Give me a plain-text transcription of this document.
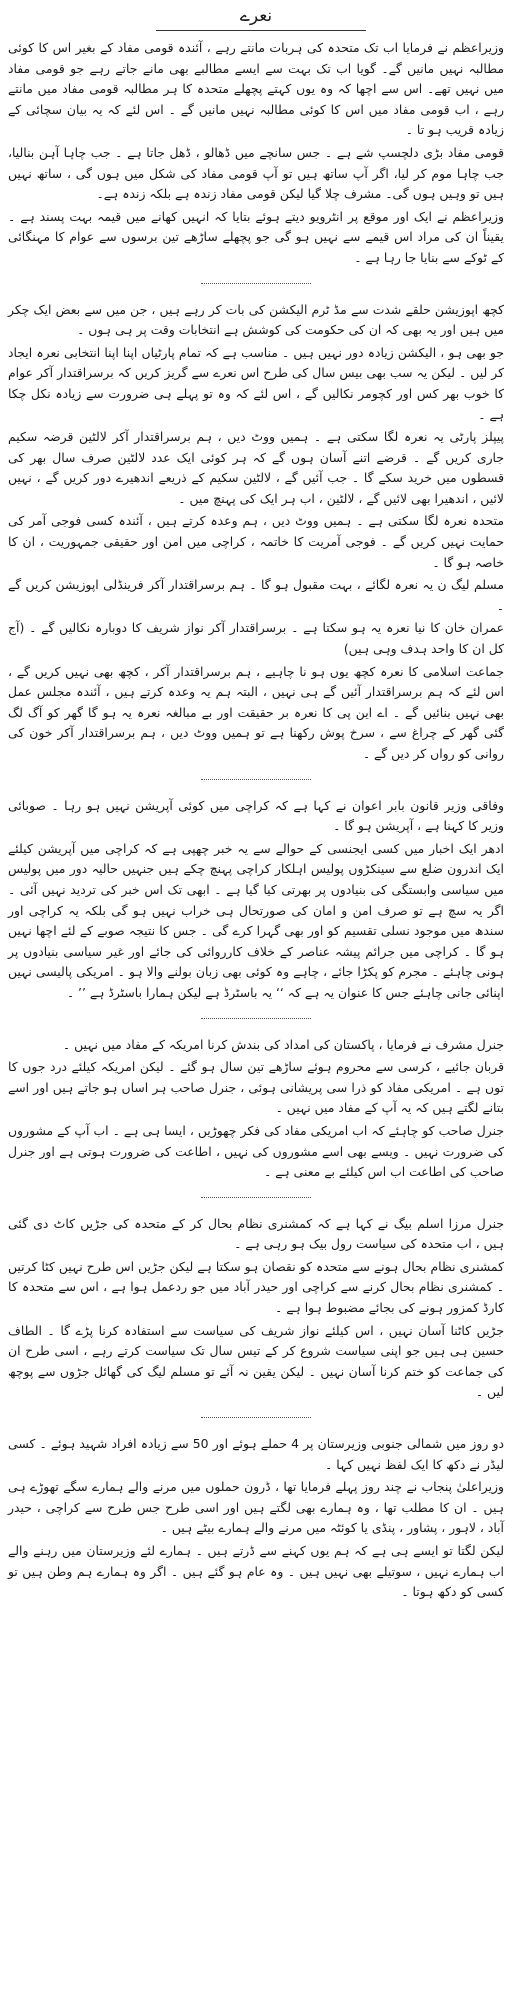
نعرے

وزیراعظم نے فرمایا اب تک متحدہ کی ہربات مانتے رہے ، آئندہ قومی مفاد کے بغیر اس کا کوئی مطالبہ نہیں مانیں گے۔ گویا اب تک بہت سے ایسے مطالبے بھی مانے جاتے رہے جو قومی مفاد میں نہیں تھے۔ اس سے اچھا کہ وہ یوں کہتے پچھلے متحدہ کا ہر مطالبہ قومی مفاد میں مانتے رہے ، اب قومی مفاد میں اس کا کوئی مطالبہ نہیں مانیں گے ۔ اس لئے کہ یہ بیان سچائی کے زیادہ قریب ہو تا ۔

قومی مفاد بڑی دلچسپ شے ہے ۔ جس سانچے میں ڈھالو ، ڈھل جاتا ہے ۔ جب چاہا آہن بنالیا، جب چاہا موم کر لیا، اگر آپ ساتھ ہیں تو آپ قومی مفاد کی شکل میں ہوں گی ، ساتھ نہیں ہیں تو وہیں ہوں گی۔ مشرف چلا گیا لیکن قومی مفاد زندہ ہے بلکہ زندہ ہے۔

وزیراعظم نے ایک اور موقع پر انٹرویو دیتے ہوئے بتایا کہ انہیں کھانے میں قیمہ بہت پسند ہے ۔ یقیناً ان کی مراد اس قیمے سے نہیں ہو گی جو پچھلے ساڑھے تین برسوں سے عوام کا مہنگائی کے ٹوکے سے بنایا جا رہا ہے ۔

کچھ اپوزیشن حلقے شدت سے مڈ ٹرم الیکشن کی بات کر رہے ہیں ، جن میں سے بعض ایک چکر میں ہیں اور یہ بھی کہ ان کی حکومت کی کوشش ہے انتخابات وقت پر ہی ہوں ۔

جو بھی ہو ، الیکشن زیادہ دور نہیں ہیں ۔ مناسب ہے کہ تمام پارٹیاں اپنا اپنا انتخابی نعرہ ایجاد کر لیں ۔ لیکن یہ سب بھی بیس سال کی طرح اس نعرے سے گریز کریں کہ برسراقتدار آکر عوام کا خوب بھر کس اور کچومر نکالیں گے ، اس لئے کہ وہ تو پہلے ہی ضرورت سے زیادہ نکل چکا ہے ۔

پیپلز پارٹی یہ نعرہ لگا سکتی ہے ۔ ہمیں ووٹ دیں ، ہم برسراقتدار آکر لالٹین قرضہ سکیم جاری کریں گے ۔ قرضے اتنے آسان ہوں گے کہ ہر کوئی ایک عدد لالٹین صرف سال بھر کی قسطوں میں خرید سکے گا ۔ جب آئیں گے ، لالٹین سکیم کے ذریعے اندھیرے دور کریں گے ، نہیں لائیں ، اندھیرا بھی لائیں گے ، لالٹین ، اب ہر ایک کی پہنچ میں ۔

متحدہ نعرہ لگا سکتی ہے ۔ ہمیں ووٹ دیں ، ہم وعدہ کرتے ہیں ، آئندہ کسی فوجی آمر کی حمایت نہیں کریں گے ۔ فوجی آمریت کا خاتمہ ، کراچی میں امن اور حقیقی جمہوریت ، ان کا خاصہ ہو گا ۔

مسلم لیگ ن یہ نعرہ لگائے ، بہت مقبول ہو گا ۔ ہم برسراقتدار آکر فرینڈلی اپوزیشن کریں گے ۔

عمران خان کا نیا نعرہ یہ ہو سکتا ہے ۔ برسراقتدار آکر نواز شریف کا دوبارہ نکالیں گے ۔ (آج کل ان کا واحد ہدف وہی ہیں)

جماعت اسلامی کا نعرہ کچھ یوں ہو نا چاہیے ، ہم برسراقتدار آکر ، کچھ بھی نہیں کریں گے ، اس لئے کہ ہم برسراقتدار آئیں گے ہی نہیں ، البتہ ہم یہ وعدہ کرتے ہیں ، آئندہ مجلس عمل بھی نہیں بنائیں گے ۔ اے این پی کا نعرہ بر حقیقت اور بے مبالغہ نعرہ یہ ہو گا گھر کو آگ لگ گئی گھر کے چراغ سے ، سرخ پوش رکھنا ہے تو ہمیں ووٹ دیں ، ہم برسراقتدار آکر خون کی روانی کو رواں کر دیں گے ۔

وفاقی وزیر قانون بابر اعوان نے کہا ہے کہ کراچی میں کوئی آپریشن نہیں ہو رہا ۔ صوبائی وزیر کا کہنا ہے ، آپریشن ہو گا ۔

ادھر ایک اخبار میں کسی ایجنسی کے حوالے سے یہ خبر چھپی ہے کہ کراچی میں آپریشن کیلئے ایک اندرون ضلع سے سینکڑوں پولیس اہلکار کراچی پہنچ چکے ہیں جنہیں حالیہ دور میں پولیس میں سیاسی وابستگی کی بنیادوں پر بھرتی کیا گیا ہے ۔ ابھی تک اس خبر کی تردید نہیں آئی ۔ اگر یہ سچ ہے تو صرف امن و امان کی صورتحال ہی خراب نہیں ہو گی بلکہ یہ کراچی اور سندھ میں موجود نسلی تقسیم کو اور بھی گہرا کرے گی ۔ جس کا نتیجہ صوبے کے لئے اچھا نہیں ہو گا ۔ کراچی میں جرائم پیشہ عناصر کے خلاف کارروائی کی جائے اور غیر سیاسی بنیادوں پر ہونی چاہئے ۔ مجرم کو پکڑا جائے ، چاہے وہ کوئی بھی زبان بولنے والا ہو ۔ امریکی پالیسی نہیں اپنائی جانی چاہئے جس کا عنوان یہ ہے کہ ‘‘ یہ باسٹرڈ ہے لیکن ہمارا باسٹرڈ ہے ’’ ۔

جنرل مشرف نے فرمایا ، پاکستان کی امداد کی بندش کرنا امریکہ کے مفاد میں نہیں ۔

قربان جائیے ، کرسی سے محروم ہوئے ساڑھے تین سال ہو گئے ۔ لیکن امریکہ کیلئے درد جوں کا توں ہے ۔ امریکی مفاد کو ذرا سی پریشانی ہوئی ، جنرل صاحب ہر اساں ہو جاتے ہیں اور اسے بتانے لگتے ہیں کہ یہ آپ کے مفاد میں نہیں ۔

جنرل صاحب کو چاہئے کہ اب امریکی مفاد کی فکر چھوڑیں ، ایسا ہی ہے ۔ اب آپ کے مشوروں کی ضرورت نہیں ۔ ویسے بھی اسے مشوروں کی نہیں ، اطاعت کی ضرورت ہوتی ہے اور جنرل صاحب کی اطاعت اب اس کیلئے بے معنی ہے ۔

جنرل مرزا اسلم بیگ نے کہا ہے کہ کمشنری نظام بحال کر کے متحدہ کی جڑیں کاٹ دی گئی ہیں ، اب متحدہ کی سیاست رول بیک ہو رہی ہے ۔

کمشنری نظام بحال ہونے سے متحدہ کو نقصان ہو سکتا ہے لیکن جڑیں اس طرح نہیں کٹا کرتیں ۔ کمشنری نظام بحال کرنے سے کراچی اور حیدر آباد میں جو ردعمل ہوا ہے ، اس سے متحدہ کا کارڈ کمزور ہونے کی بجائے مضبوط ہوا ہے ۔

جڑیں کاٹنا آسان نہیں ، اس کیلئے نواز شریف کی سیاست سے استفادہ کرنا پڑے گا ۔ الطاف حسین ہی ہیں جو اپنی سیاست شروع کر کے تیس سال تک سیاست کرتے رہے ، اسی طرح ان کی جماعت کو ختم کرنا آسان نہیں ۔ لیکن یقین نہ آئے تو مسلم لیگ کی گھائل جڑوں سے پوچھ لیں ۔

دو روز میں شمالی جنوبی وزیرستان پر 4 حملے ہوئے اور 50 سے زیادہ افراد شہید ہوئے ۔ کسی لیڈر نے دکھ کا ایک لفظ نہیں کہا ۔

وزیراعلیٰ پنجاب نے چند روز پہلے فرمایا تھا ، ڈرون حملوں میں مرنے والے ہمارے سگے تھوڑے ہی ہیں ۔ ان کا مطلب تھا ، وہ ہمارے بھی لگتے ہیں اور اسی طرح جس طرح سے کراچی ، حیدر آباد ، لاہور ، پشاور ، پنڈی یا کوئٹہ میں مرنے والے ہمارے بیٹے ہیں ۔

لیکن لگتا تو ایسے ہی ہے کہ ہم یوں کہنے سے ڈرتے ہیں ۔ ہمارے لئے وزیرستان میں رہنے والے اب ہمارے نہیں ، سوتیلے بھی نہیں ہیں ۔ وہ عام ہو گئے ہیں ۔ اگر وہ ہمارے ہم وطن ہیں تو کسی کو دکھ ہوتا ۔
